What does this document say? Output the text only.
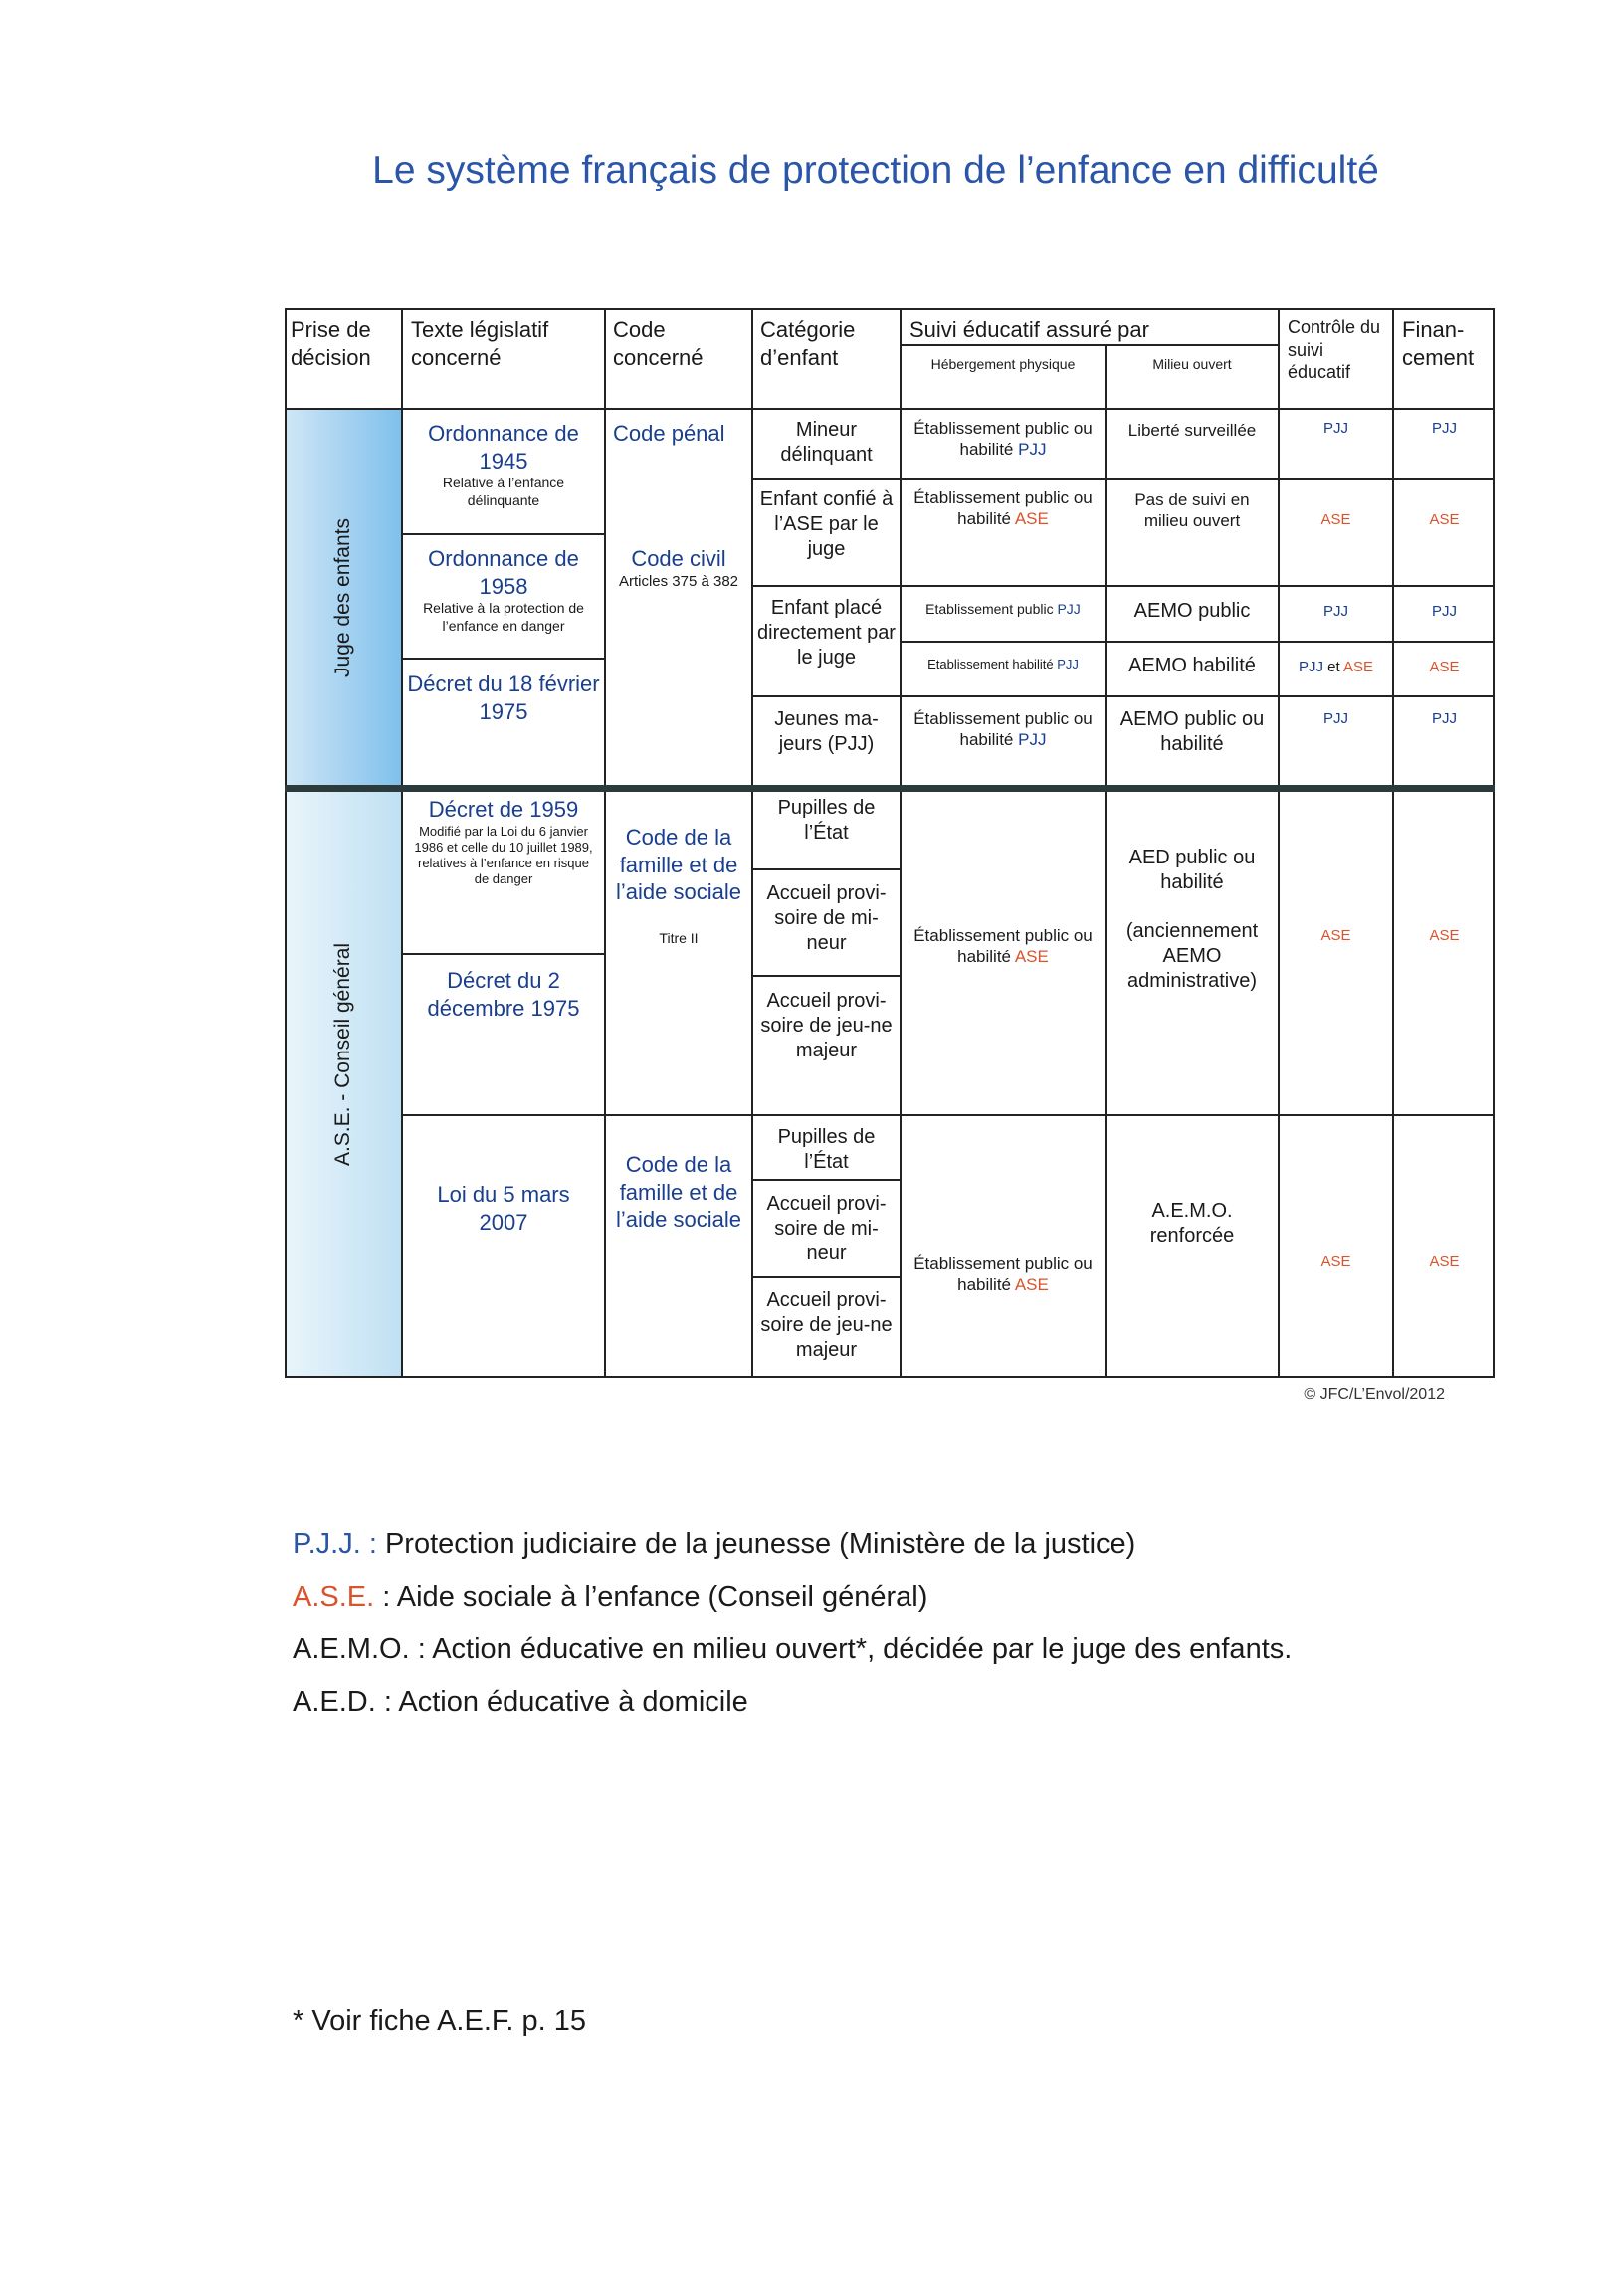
Le système français de protection de l’enfance en difficulté
Juge des enfants
A.S.E. - Conseil général
Prise de décision
Texte législatif concerné
Code concerné
Catégorie d’enfant
Suivi éducatif assuré par
Hébergement physique	Milieu ouvert
Contrôle du suivi éducatif
Finan-cement
Ordonnance de 1945
Relative à l’enfance délinquante
Ordonnance de 1958
Relative à la protection de l’enfance en danger
Décret du 18 février 1975
Décret de 1959
Modifié par la Loi du 6 janvier 1986 et celle du 10 juillet 1989, relatives à l’enfance en risque de danger
Décret du 2 décembre 1975
Loi du 5 mars 2007
Code pénal
Code civil
Articles 375 à 382
Code de la famille et de l’aide sociale
Titre II
Code de la famille et de l’aide sociale
Mineur délinquant
Enfant confié à l’ASE par le juge
Enfant placé directement par le juge
Jeunes ma-jeurs (PJJ)
Pupilles de l’État
Accueil provi-soire de mi-neur
Accueil provi-soire de jeu-ne majeur
Pupilles de l’État
Accueil provi-soire de mi-neur
Accueil provi-soire de jeu-ne majeur
Établissement public ou habilité PJJ
Établissement public ou habilité ASE
Etablissement public PJJ
Etablissement habilité PJJ
Établissement public ou habilité PJJ
Établissement public ou habilité ASE
Établissement public ou habilité ASE
Liberté surveillée
Pas de suivi en milieu ouvert
AEMO public
AEMO habilité
AEMO public ou habilité
AED public ou habilité
(anciennement AEMO administrative)
A.E.M.O. renforcée
PJJ
ASE
PJJ
PJJ et ASE
PJJ
ASE
ASE
PJJ
ASE
PJJ
ASE
PJJ
ASE
ASE
© JFC/L’Envol/2012
P.J.J. : Protection judiciaire de la jeunesse (Ministère de la justice)
A.S.E. : Aide sociale à l’enfance (Conseil général)
A.E.M.O. : Action éducative en milieu ouvert*, décidée par le juge des enfants.
A.E.D. : Action éducative à domicile
* Voir fiche A.E.F. p. 15
